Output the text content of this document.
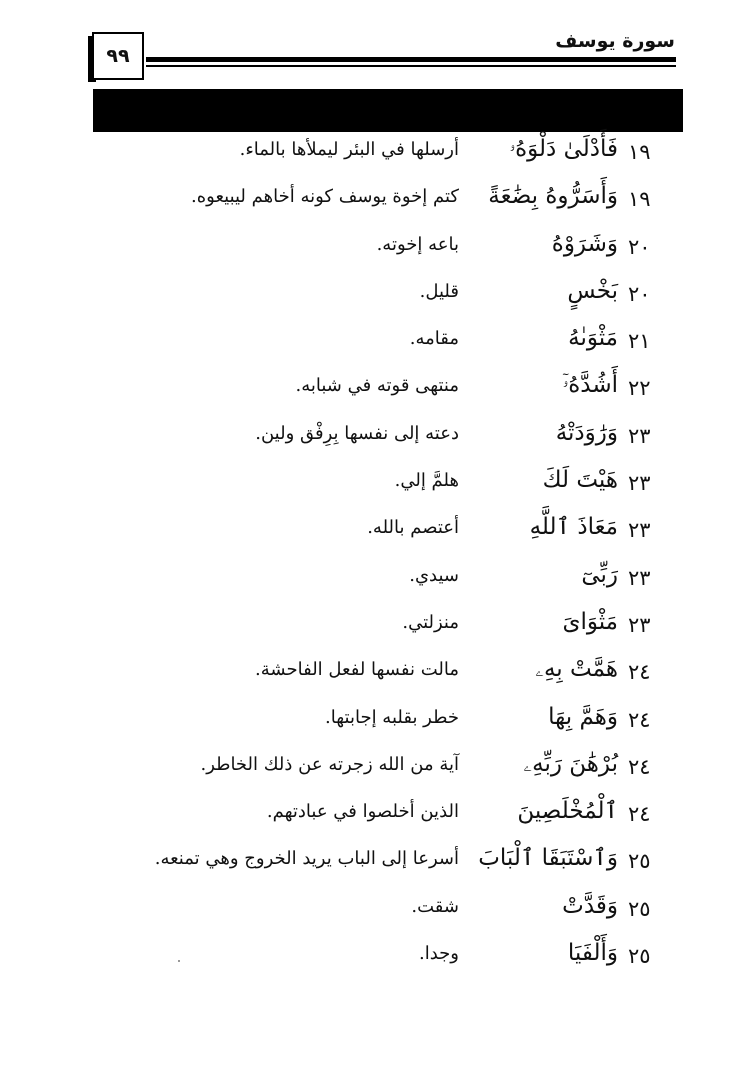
٩٩
سورة يوسف
١٩
فَأَدْلَىٰ دَلْوَهُۥ
أرسلها في البئر ليملأها بالماء.
١٩
وَأَسَرُّوهُ بِضَٰعَةً
كتم إخوة يوسف كونه أخاهم ليبيعوه.
٢٠
وَشَرَوْهُ
باعه إخوته.
٢٠
بَخْسٍ
قليل.
٢١
مَثْوَىٰهُ
مقامه.
٢٢
أَشُدَّهُۥٓ
منتهى قوته في شبابه.
٢٣
وَرَٰوَدَتْهُ
دعته إلى نفسها بِرِفْق ولين.
٢٣
هَيْتَ لَكَ
هلمَّ إلي.
٢٣
مَعَاذَ ٱللَّهِ
أعتصم بالله.
٢٣
رَبِّىٓ
سيدي.
٢٣
مَثْوَاىَ
منزلتي.
٢٤
هَمَّتْ بِهِۦ
مالت نفسها لفعل الفاحشة.
٢٤
وَهَمَّ بِهَا
خطر بقلبه إجابتها.
٢٤
بُرْهَٰنَ رَبِّهِۦ
آية من الله زجرته عن ذلك الخاطر.
٢٤
ٱلْمُخْلَصِينَ
الذين أخلصوا في عبادتهم.
٢٥
وَٱسْتَبَقَا ٱلْبَابَ
أسرعا إلى الباب يريد الخروج وهي تمنعه.
٢٥
وَقَدَّتْ
شقت.
٢٥
وَأَلْفَيَا
وجدا.
